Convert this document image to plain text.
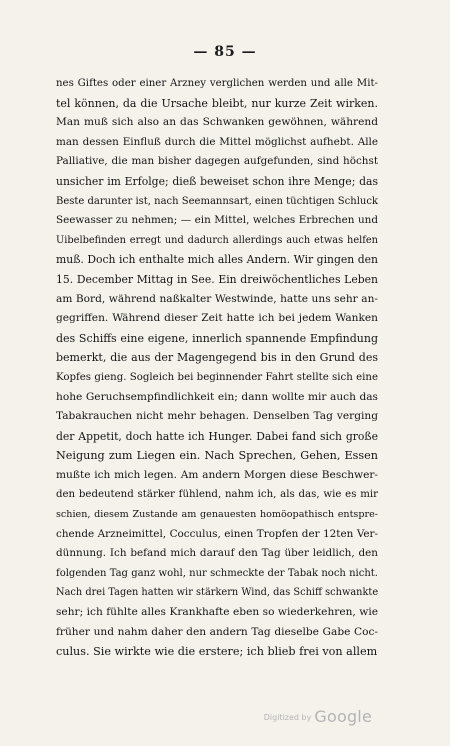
— 85 —
nes Giftes oder einer Arzney verglichen werden und alle Mit-
tel können, da die Ursache bleibt, nur kurze Zeit wirken.
Man muß sich also an das Schwanken gewöhnen, während
man dessen Einfluß durch die Mittel möglichst aufhebt. Alle
Palliative, die man bisher dagegen aufgefunden, sind höchst
unsicher im Erfolge; dieß beweiset schon ihre Menge; das
Beste darunter ist, nach Seemannsart, einen tüchtigen Schluck
Seewasser zu nehmen; — ein Mittel, welches Erbrechen und
Uibelbefinden erregt und dadurch allerdings auch etwas helfen
muß. Doch ich enthalte mich alles Andern. Wir gingen den
15. December Mittag in See. Ein dreiwöchentliches Leben
am Bord, während naßkalter Westwinde, hatte uns sehr an-
gegriffen. Während dieser Zeit hatte ich bei jedem Wanken
des Schiffs eine eigene, innerlich spannende Empfindung
bemerkt, die aus der Magengegend bis in den Grund des
Kopfes gieng. Sogleich bei beginnender Fahrt stellte sich eine
hohe Geruchsempfindlichkeit ein; dann wollte mir auch das
Tabakrauchen nicht mehr behagen. Denselben Tag verging
der Appetit, doch hatte ich Hunger. Dabei fand sich große
Neigung zum Liegen ein. Nach Sprechen, Gehen, Essen
mußte ich mich legen. Am andern Morgen diese Beschwer-
den bedeutend stärker fühlend, nahm ich, als das, wie es mir
schien, diesem Zustande am genauesten homöopathisch entspre-
chende Arzneimittel, Cocculus, einen Tropfen der 12ten Ver-
dünnung. Ich befand mich darauf den Tag über leidlich, den
folgenden Tag ganz wohl, nur schmeckte der Tabak noch nicht.
Nach drei Tagen hatten wir stärkern Wind, das Schiff schwankte
sehr; ich fühlte alles Krankhafte eben so wiederkehren, wie
früher und nahm daher den andern Tag dieselbe Gabe Coc-
culus. Sie wirkte wie die erstere; ich blieb frei von allem
Digitized by Google
